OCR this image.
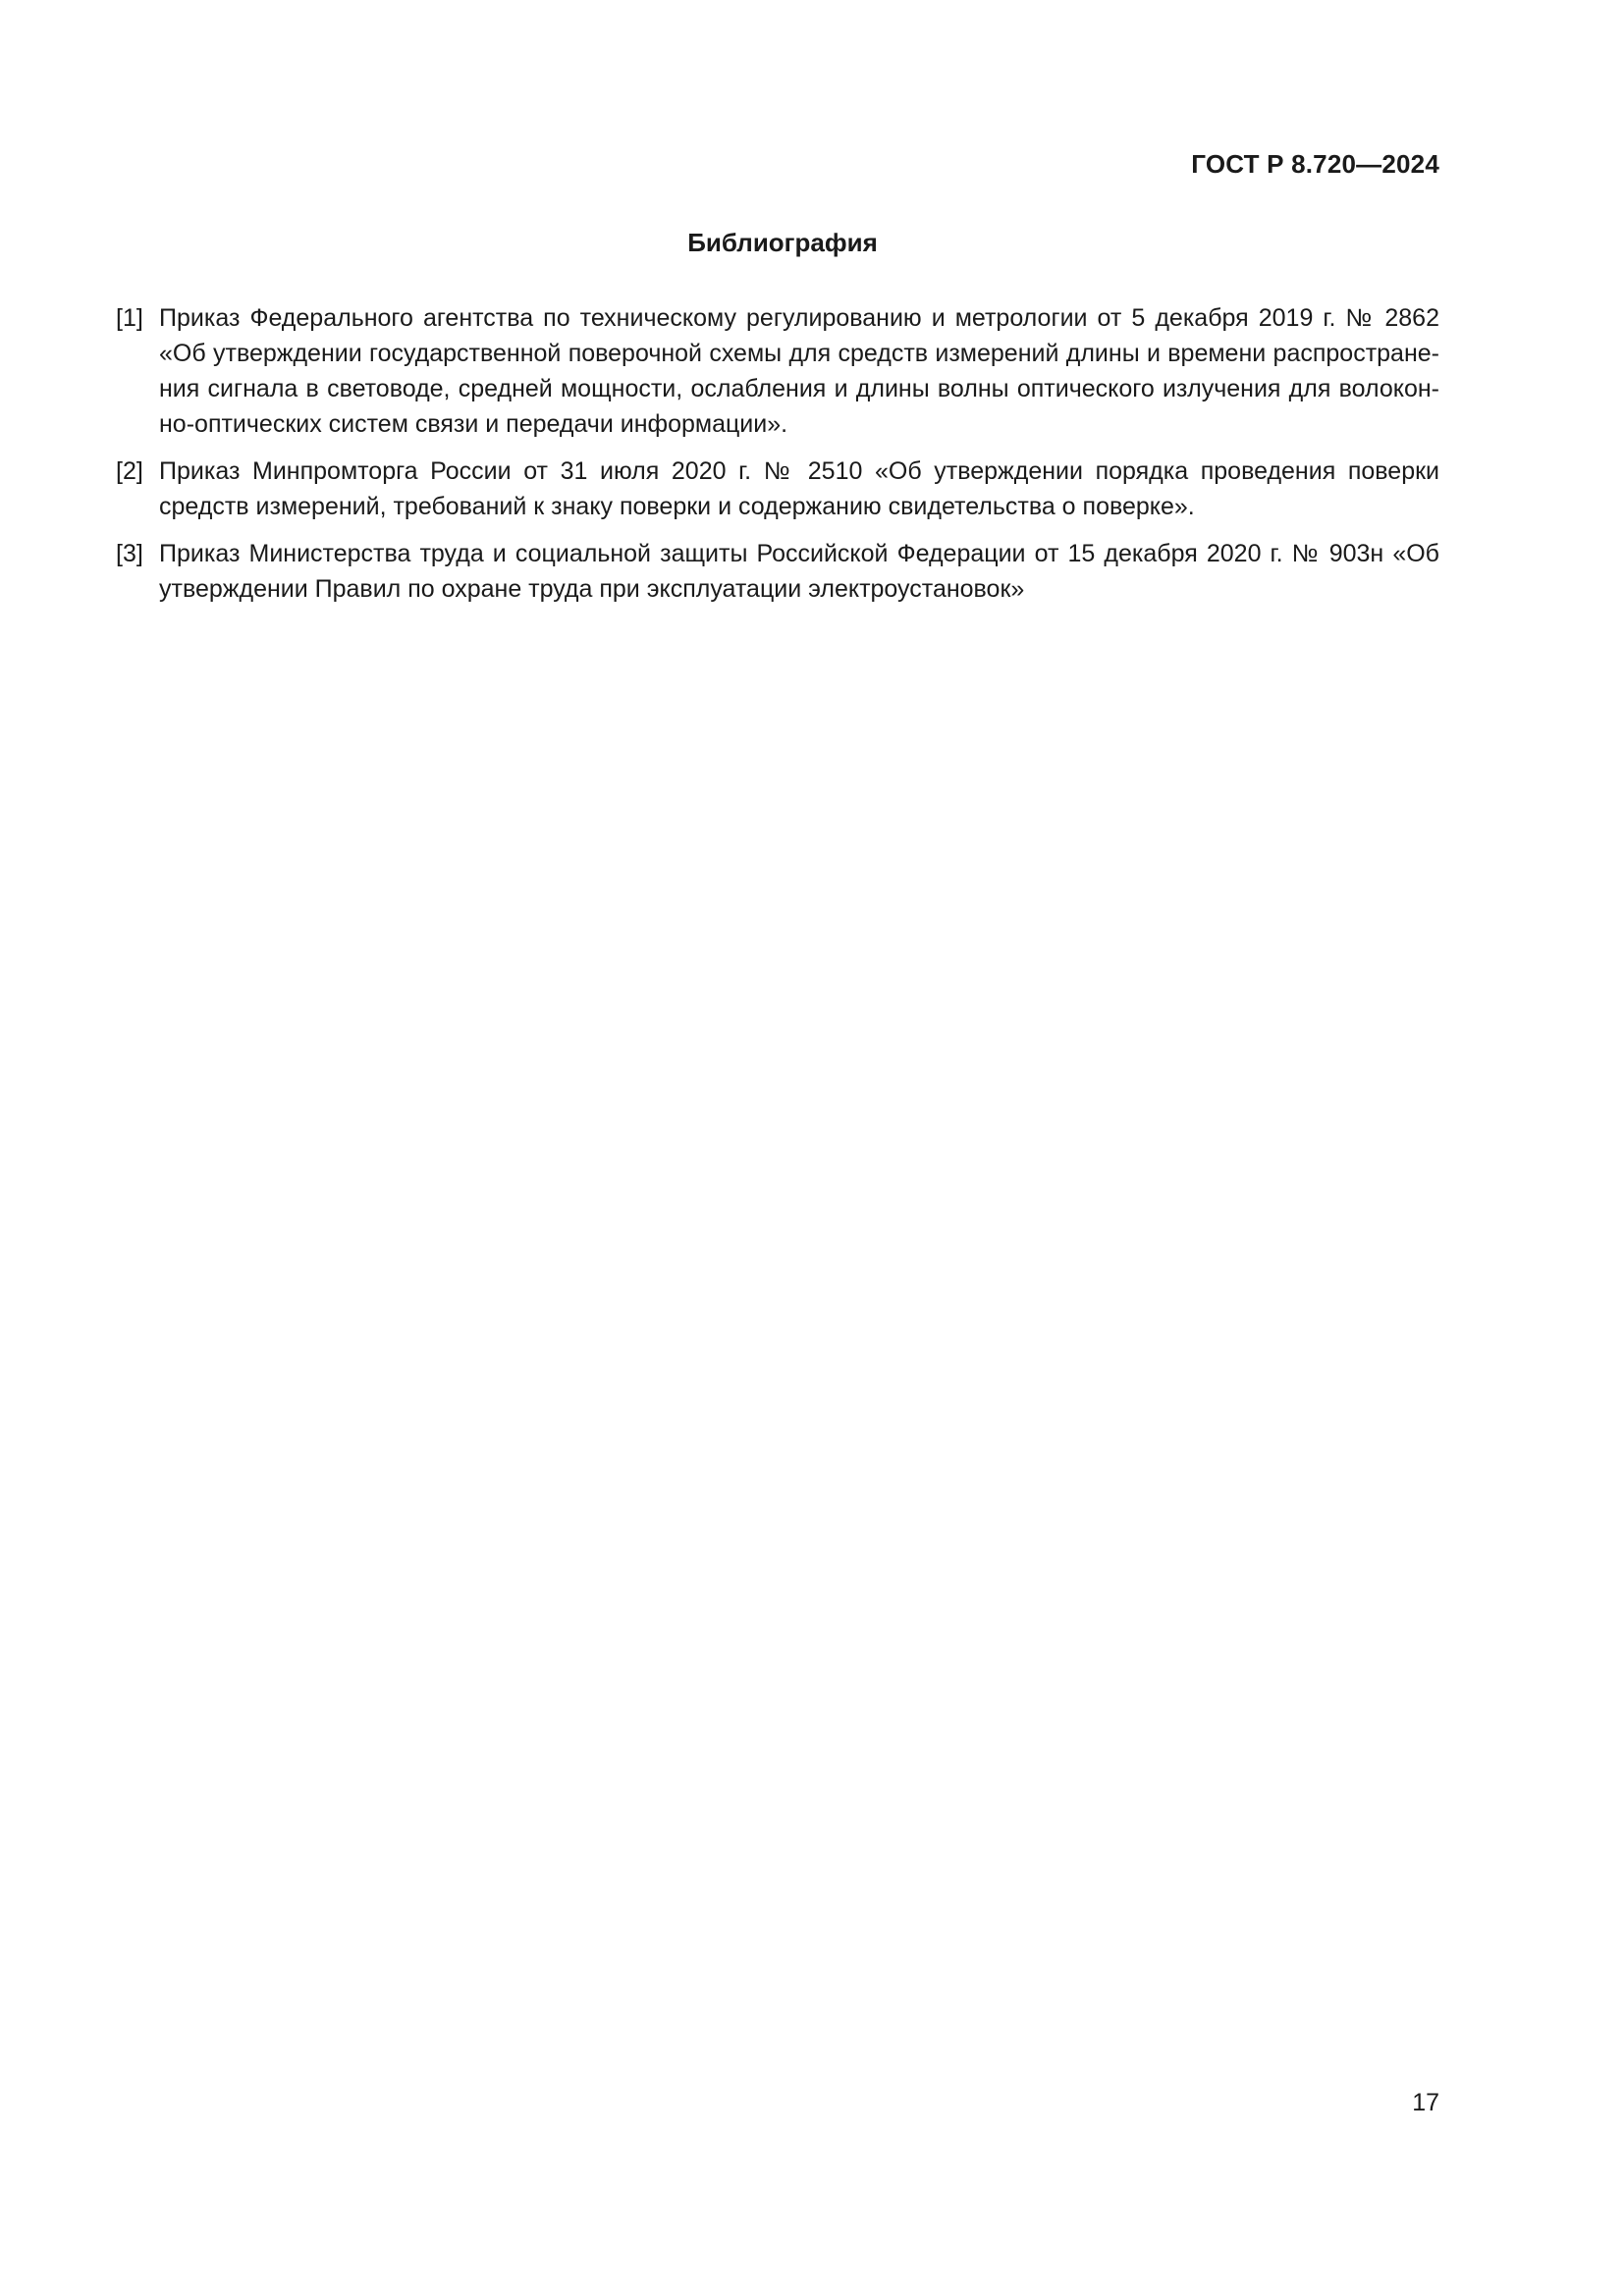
ГОСТ Р 8.720—2024
Библиография
[1] Приказ Федерального агентства по техническому регулированию и метрологии от 5 декабря 2019 г. № 2862 «Об утверждении государственной поверочной схемы для средств измерений длины и времени распространения сигнала в световоде, средней мощности, ослабления и длины волны оптического излучения для волоконно-оптических систем связи и передачи информации».
[2] Приказ Минпромторга России от 31 июля 2020 г. № 2510 «Об утверждении порядка проведения поверки средств измерений, требований к знаку поверки и содержанию свидетельства о поверке».
[3] Приказ Министерства труда и социальной защиты Российской Федерации от 15 декабря 2020 г. № 903н «Об утверждении Правил по охране труда при эксплуатации электроустановок»
17
